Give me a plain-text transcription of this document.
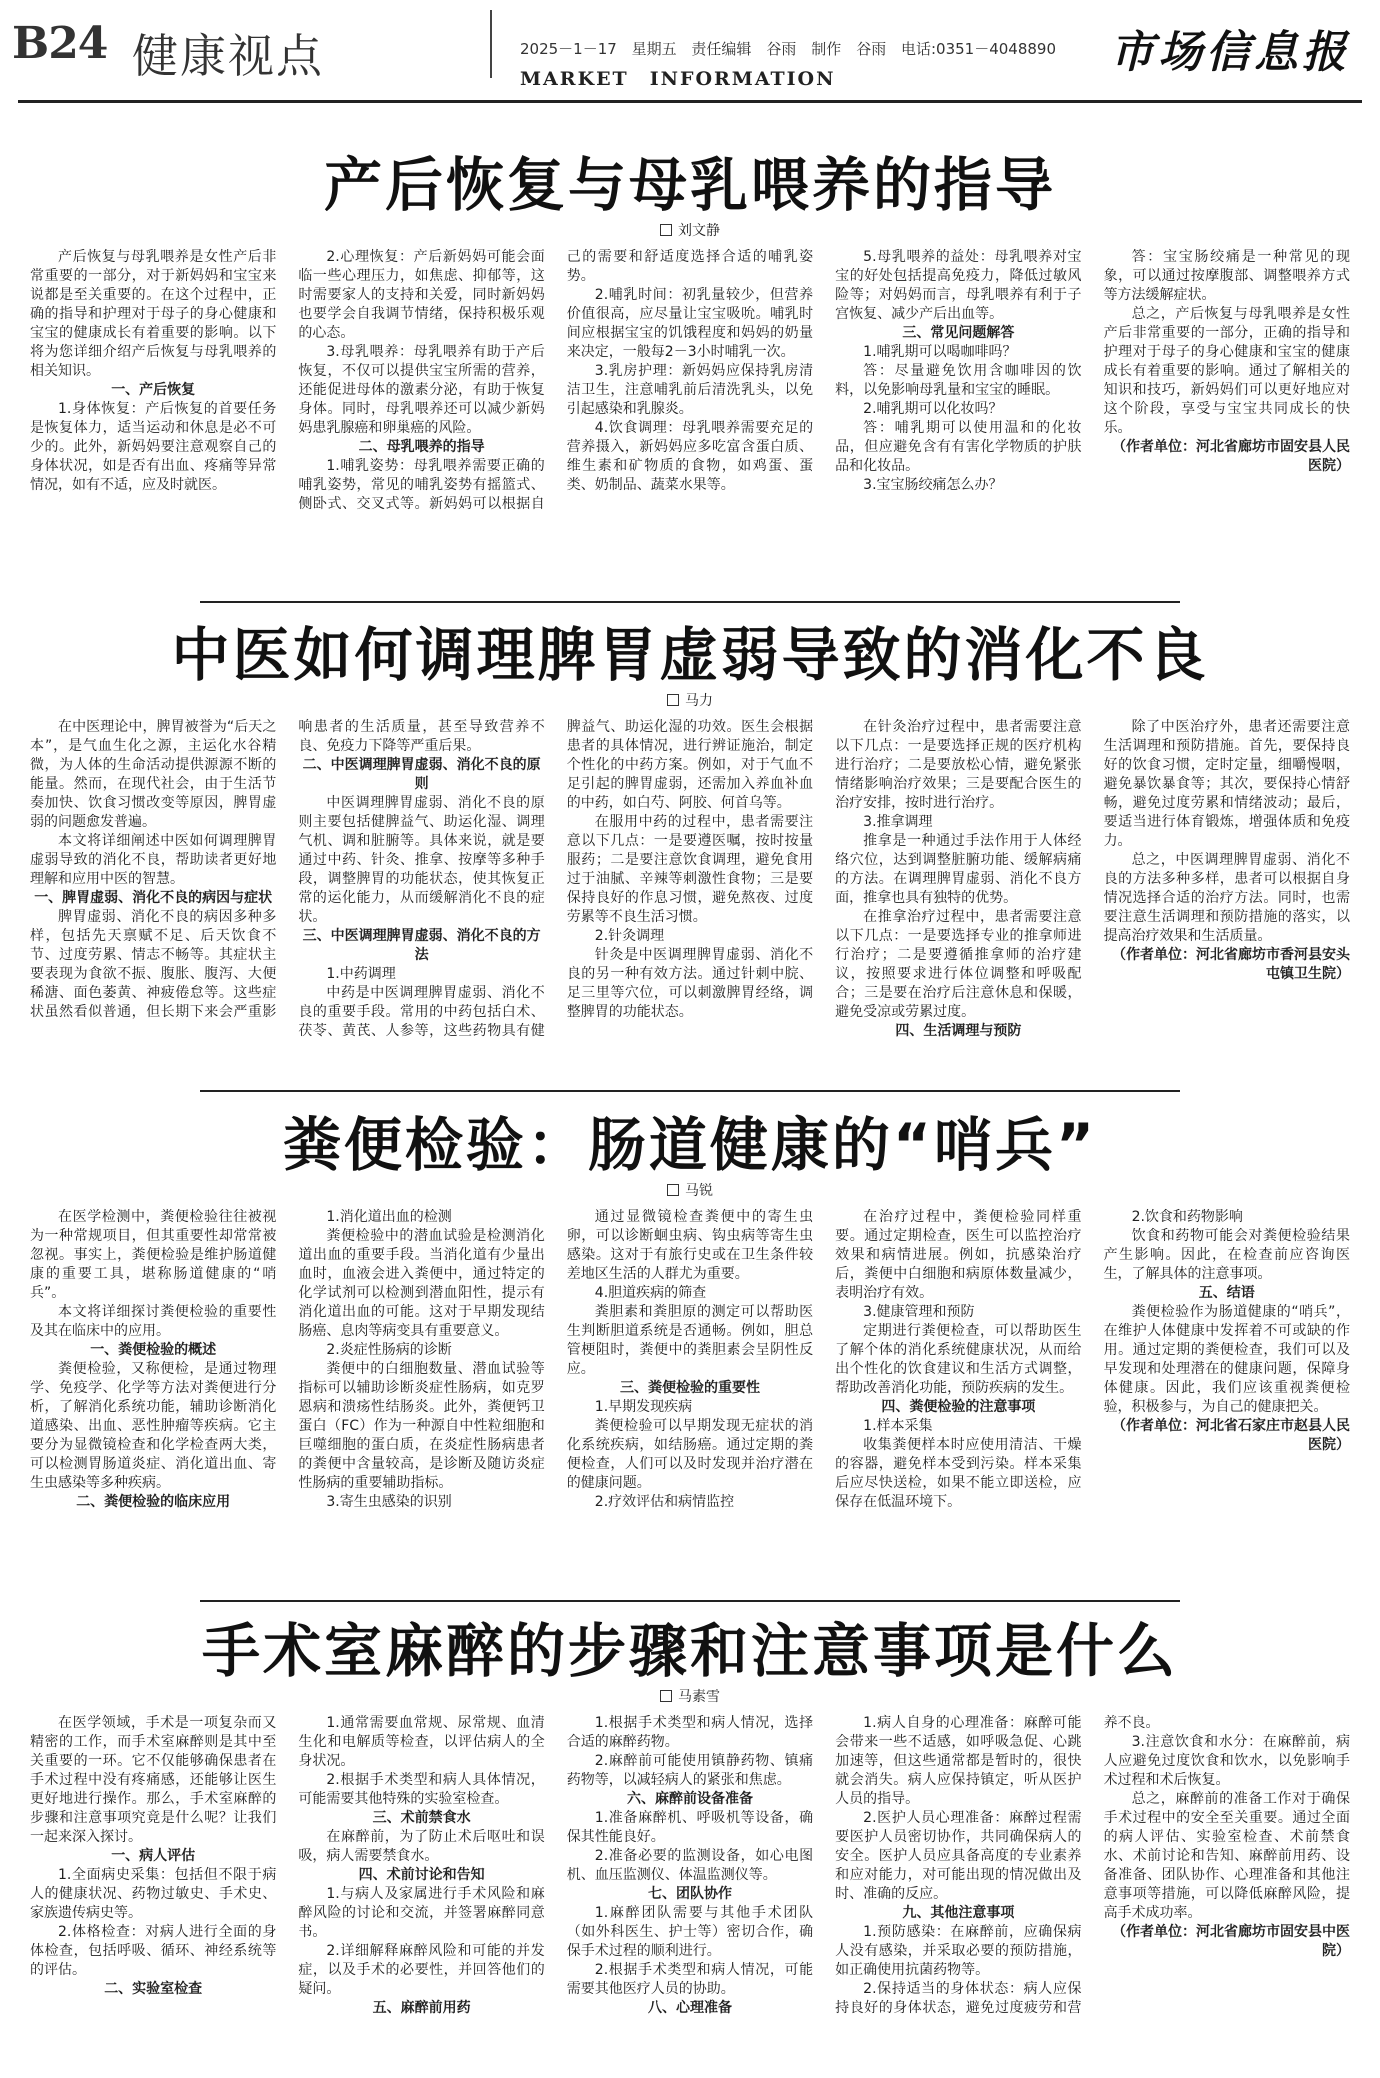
B24 健康视点	2025－1－17 星期五 责任编辑　谷雨 制作　谷雨 电话:0351－4048890
MARKET　INFORMATION
市场信息报
产后恢复与母乳喂养的指导
刘文静

产后恢复与母乳喂养是女性产后非常重要的一部分，对于新妈妈和宝宝来说都是至关重要的。在这个过程中，正确的指导和护理对于母子的身心健康和宝宝的健康成长有着重要的影响。以下将为您详细介绍产后恢复与母乳喂养的相关知识。

一、产后恢复

1.身体恢复：产后恢复的首要任务是恢复体力，适当运动和休息是必不可少的。此外，新妈妈要注意观察自己的身体状况，如是否有出血、疼痛等异常情况，如有不适，应及时就医。

2.心理恢复：产后新妈妈可能会面临一些心理压力，如焦虑、抑郁等，这时需要家人的支持和关爱，同时新妈妈也要学会自我调节情绪，保持积极乐观的心态。

3.母乳喂养：母乳喂养有助于产后恢复，不仅可以提供宝宝所需的营养，还能促进母体的激素分泌，有助于恢复身体。同时，母乳喂养还可以减少新妈妈患乳腺癌和卵巢癌的风险。

二、母乳喂养的指导

1.哺乳姿势：母乳喂养需要正确的哺乳姿势，常见的哺乳姿势有摇篮式、侧卧式、交叉式等。新妈妈可以根据自己的需要和舒适度选择合适的哺乳姿势。

2.哺乳时间：初乳量较少，但营养价值很高，应尽量让宝宝吸吮。哺乳时间应根据宝宝的饥饿程度和妈妈的奶量来决定，一般每2－3小时哺乳一次。

3.乳房护理：新妈妈应保持乳房清洁卫生，注意哺乳前后清洗乳头，以免引起感染和乳腺炎。

4.饮食调理：母乳喂养需要充足的营养摄入，新妈妈应多吃富含蛋白质、维生素和矿物质的食物，如鸡蛋、蛋类、奶制品、蔬菜水果等。

5.母乳喂养的益处：母乳喂养对宝宝的好处包括提高免疫力，降低过敏风险等；对妈妈而言，母乳喂养有利于子宫恢复、减少产后出血等。

三、常见问题解答

1.哺乳期可以喝咖啡吗？

答：尽量避免饮用含咖啡因的饮料，以免影响母乳量和宝宝的睡眠。

2.哺乳期可以化妆吗？

答：哺乳期可以使用温和的化妆品，但应避免含有有害化学物质的护肤品和化妆品。

3.宝宝肠绞痛怎么办？

答：宝宝肠绞痛是一种常见的现象，可以通过按摩腹部、调整喂养方式等方法缓解症状。

总之，产后恢复与母乳喂养是女性产后非常重要的一部分，正确的指导和护理对于母子的身心健康和宝宝的健康成长有着重要的影响。通过了解相关的知识和技巧，新妈妈们可以更好地应对这个阶段，享受与宝宝共同成长的快乐。

（作者单位：河北省廊坊市固安县人民医院）

中医如何调理脾胃虚弱导致的消化不良
马力

在中医理论中，脾胃被誉为“后天之本”，是气血生化之源，主运化水谷精微，为人体的生命活动提供源源不断的能量。然而，在现代社会，由于生活节奏加快、饮食习惯改变等原因，脾胃虚弱的问题愈发普遍。

本文将详细阐述中医如何调理脾胃虚弱导致的消化不良，帮助读者更好地理解和应用中医的智慧。

一、脾胃虚弱、消化不良的病因与症状

脾胃虚弱、消化不良的病因多种多样，包括先天禀赋不足、后天饮食不节、过度劳累、情志不畅等。其症状主要表现为食欲不振、腹胀、腹泻、大便稀溏、面色萎黄、神疲倦怠等。这些症状虽然看似普通，但长期下来会严重影响患者的生活质量，甚至导致营养不良、免疫力下降等严重后果。

二、中医调理脾胃虚弱、消化不良的原则

中医调理脾胃虚弱、消化不良的原则主要包括健脾益气、助运化湿、调理气机、调和脏腑等。具体来说，就是要通过中药、针灸、推拿、按摩等多种手段，调整脾胃的功能状态，使其恢复正常的运化能力，从而缓解消化不良的症状。

三、中医调理脾胃虚弱、消化不良的方法

1.中药调理

中药是中医调理脾胃虚弱、消化不良的重要手段。常用的中药包括白术、茯苓、黄芪、人参等，这些药物具有健脾益气、助运化湿的功效。医生会根据患者的具体情况，进行辨证施治，制定个性化的中药方案。例如，对于气血不足引起的脾胃虚弱，还需加入养血补血的中药，如白芍、阿胶、何首乌等。

在服用中药的过程中，患者需要注意以下几点：一是要遵医嘱，按时按量服药；二是要注意饮食调理，避免食用过于油腻、辛辣等刺激性食物；三是要保持良好的作息习惯，避免熬夜、过度劳累等不良生活习惯。

2.针灸调理

针灸是中医调理脾胃虚弱、消化不良的另一种有效方法。通过针刺中脘、足三里等穴位，可以刺激脾胃经络，调整脾胃的功能状态。

在针灸治疗过程中，患者需要注意以下几点：一是要选择正规的医疗机构进行治疗；二是要放松心情，避免紧张情绪影响治疗效果；三是要配合医生的治疗安排，按时进行治疗。

3.推拿调理

推拿是一种通过手法作用于人体经络穴位，达到调整脏腑功能、缓解病痛的方法。在调理脾胃虚弱、消化不良方面，推拿也具有独特的优势。

在推拿治疗过程中，患者需要注意以下几点：一是要选择专业的推拿师进行治疗；二是要遵循推拿师的治疗建议，按照要求进行体位调整和呼吸配合；三是要在治疗后注意休息和保暖，避免受凉或劳累过度。

四、生活调理与预防

除了中医治疗外，患者还需要注意生活调理和预防措施。首先，要保持良好的饮食习惯，定时定量，细嚼慢咽，避免暴饮暴食等；其次，要保持心情舒畅，避免过度劳累和情绪波动；最后，要适当进行体育锻炼，增强体质和免疫力。

总之，中医调理脾胃虚弱、消化不良的方法多种多样，患者可以根据自身情况选择合适的治疗方法。同时，也需要注意生活调理和预防措施的落实，以提高治疗效果和生活质量。

（作者单位：河北省廊坊市香河县安头屯镇卫生院）

粪便检验：肠道健康的“哨兵”
马锐

在医学检测中，粪便检验往往被视为一种常规项目，但其重要性却常常被忽视。事实上，粪便检验是维护肠道健康的重要工具，堪称肠道健康的“哨兵”。

本文将详细探讨粪便检验的重要性及其在临床中的应用。

一、粪便检验的概述

粪便检验，又称便检，是通过物理学、免疫学、化学等方法对粪便进行分析，了解消化系统功能，辅助诊断消化道感染、出血、恶性肿瘤等疾病。它主要分为显微镜检查和化学检查两大类，可以检测胃肠道炎症、消化道出血、寄生虫感染等多种疾病。

二、粪便检验的临床应用

1.消化道出血的检测

粪便检验中的潜血试验是检测消化道出血的重要手段。当消化道有少量出血时，血液会进入粪便中，通过特定的化学试剂可以检测到潜血阳性，提示有消化道出血的可能。这对于早期发现结肠癌、息肉等病变具有重要意义。

2.炎症性肠病的诊断

粪便中的白细胞数量、潜血试验等指标可以辅助诊断炎症性肠病，如克罗恩病和溃疡性结肠炎。此外，粪便钙卫蛋白（FC）作为一种源自中性粒细胞和巨噬细胞的蛋白质，在炎症性肠病患者的粪便中含量较高，是诊断及随访炎症性肠病的重要辅助指标。

3.寄生虫感染的识别

通过显微镜检查粪便中的寄生虫卵，可以诊断蛔虫病、钩虫病等寄生虫感染。这对于有旅行史或在卫生条件较差地区生活的人群尤为重要。

4.胆道疾病的筛查

粪胆素和粪胆原的测定可以帮助医生判断胆道系统是否通畅。例如，胆总管梗阻时，粪便中的粪胆素会呈阴性反应。

三、粪便检验的重要性

1.早期发现疾病

粪便检验可以早期发现无症状的消化系统疾病，如结肠癌。通过定期的粪便检查，人们可以及时发现并治疗潜在的健康问题。

2.疗效评估和病情监控

在治疗过程中，粪便检验同样重要。通过定期检查，医生可以监控治疗效果和病情进展。例如，抗感染治疗后，粪便中白细胞和病原体数量减少，表明治疗有效。

3.健康管理和预防

定期进行粪便检查，可以帮助医生了解个体的消化系统健康状况，从而给出个性化的饮食建议和生活方式调整，帮助改善消化功能，预防疾病的发生。

四、粪便检验的注意事项

1.样本采集

收集粪便样本时应使用清洁、干燥的容器，避免样本受到污染。样本采集后应尽快送检，如果不能立即送检，应保存在低温环境下。

2.饮食和药物影响

饮食和药物可能会对粪便检验结果产生影响。因此，在检查前应咨询医生，了解具体的注意事项。

五、结语

粪便检验作为肠道健康的“哨兵”，在维护人体健康中发挥着不可或缺的作用。通过定期的粪便检查，我们可以及早发现和处理潜在的健康问题，保障身体健康。因此，我们应该重视粪便检验，积极参与，为自己的健康把关。

（作者单位：河北省石家庄市赵县人民医院）

手术室麻醉的步骤和注意事项是什么
马素雪

在医学领域，手术是一项复杂而又精密的工作，而手术室麻醉则是其中至关重要的一环。它不仅能够确保患者在手术过程中没有疼痛感，还能够让医生更好地进行操作。那么，手术室麻醉的步骤和注意事项究竟是什么呢？让我们一起来深入探讨。

一、病人评估

1.全面病史采集：包括但不限于病人的健康状况、药物过敏史、手术史、家族遗传病史等。

2.体格检查：对病人进行全面的身体检查，包括呼吸、循环、神经系统等的评估。

二、实验室检查

1.通常需要血常规、尿常规、血清生化和电解质等检查，以评估病人的全身状况。

2.根据手术类型和病人具体情况，可能需要其他特殊的实验室检查。

三、术前禁食水

在麻醉前，为了防止术后呕吐和误吸，病人需要禁食水。

四、术前讨论和告知

1.与病人及家属进行手术风险和麻醉风险的讨论和交流，并签署麻醉同意书。

2.详细解释麻醉风险和可能的并发症，以及手术的必要性，并回答他们的疑问。

五、麻醉前用药

1.根据手术类型和病人情况，选择合适的麻醉药物。

2.麻醉前可能使用镇静药物、镇痛药物等，以减轻病人的紧张和焦虑。

六、麻醉前设备准备

1.准备麻醉机、呼吸机等设备，确保其性能良好。

2.准备必要的监测设备，如心电图机、血压监测仪、体温监测仪等。

七、团队协作

1.麻醉团队需要与其他手术团队（如外科医生、护士等）密切合作，确保手术过程的顺利进行。

2.根据手术类型和病人情况，可能需要其他医疗人员的协助。

八、心理准备

1.病人自身的心理准备：麻醉可能会带来一些不适感，如呼吸急促、心跳加速等，但这些通常都是暂时的，很快就会消失。病人应保持镇定，听从医护人员的指导。

2.医护人员心理准备：麻醉过程需要医护人员密切协作，共同确保病人的安全。医护人员应具备高度的专业素养和应对能力，对可能出现的情况做出及时、准确的反应。

九、其他注意事项

1.预防感染：在麻醉前，应确保病人没有感染，并采取必要的预防措施，如正确使用抗菌药物等。

2.保持适当的身体状态：病人应保持良好的身体状态，避免过度疲劳和营养不良。

3.注意饮食和水分：在麻醉前，病人应避免过度饮食和饮水，以免影响手术过程和术后恢复。

总之，麻醉前的准备工作对于确保手术过程中的安全至关重要。通过全面的病人评估、实验室检查、术前禁食水、术前讨论和告知、麻醉前用药、设备准备、团队协作、心理准备和其他注意事项等措施，可以降低麻醉风险，提高手术成功率。

（作者单位：河北省廊坊市固安县中医院）
